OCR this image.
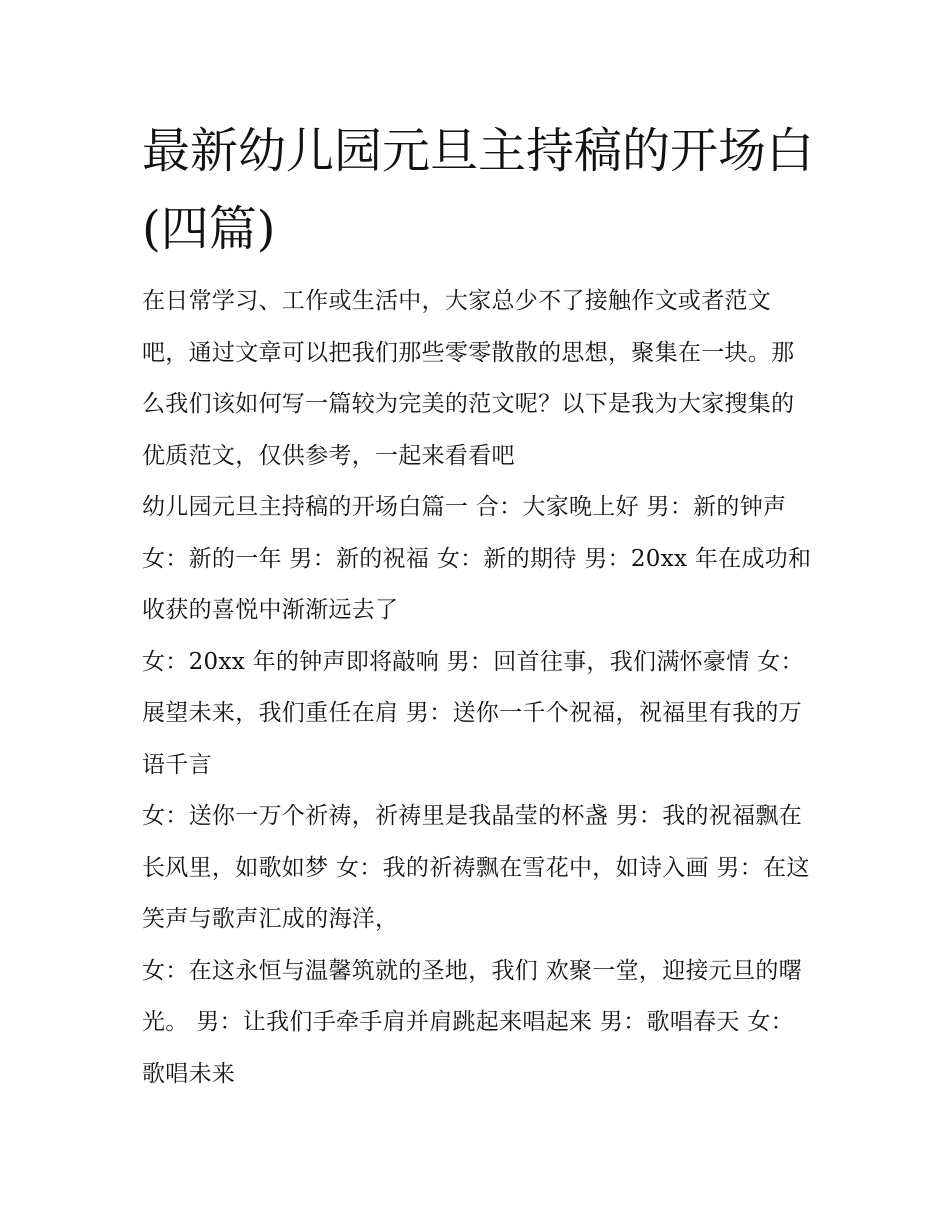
最新幼儿园元旦主持稿的开场白(四篇)

在日常学习、工作或生活中，大家总少不了接触作文或者范文吧，通过文章可以把我们那些零零散散的思想，聚集在一块。那么我们该如何写一篇较为完美的范文呢？以下是我为大家搜集的优质范文，仅供参考，一起来看看吧

幼儿园元旦主持稿的开场白篇一 合：大家晚上好 男：新的钟声 女：新的一年 男：新的祝福 女：新的期待 男：20xx 年在成功和收获的喜悦中渐渐远去了

女：20xx 年的钟声即将敲响 男：回首往事，我们满怀豪情 女：展望未来，我们重任在肩 男：送你一千个祝福，祝福里有我的万语千言

女：送你一万个祈祷，祈祷里是我晶莹的杯盏 男：我的祝福飘在长风里，如歌如梦 女：我的祈祷飘在雪花中，如诗入画 男：在这笑声与歌声汇成的海洋，

女：在这永恒与温馨筑就的圣地，我们 欢聚一堂，迎接元旦的曙光。 男：让我们手牵手肩并肩跳起来唱起来 男：歌唱春天 女：歌唱未来
